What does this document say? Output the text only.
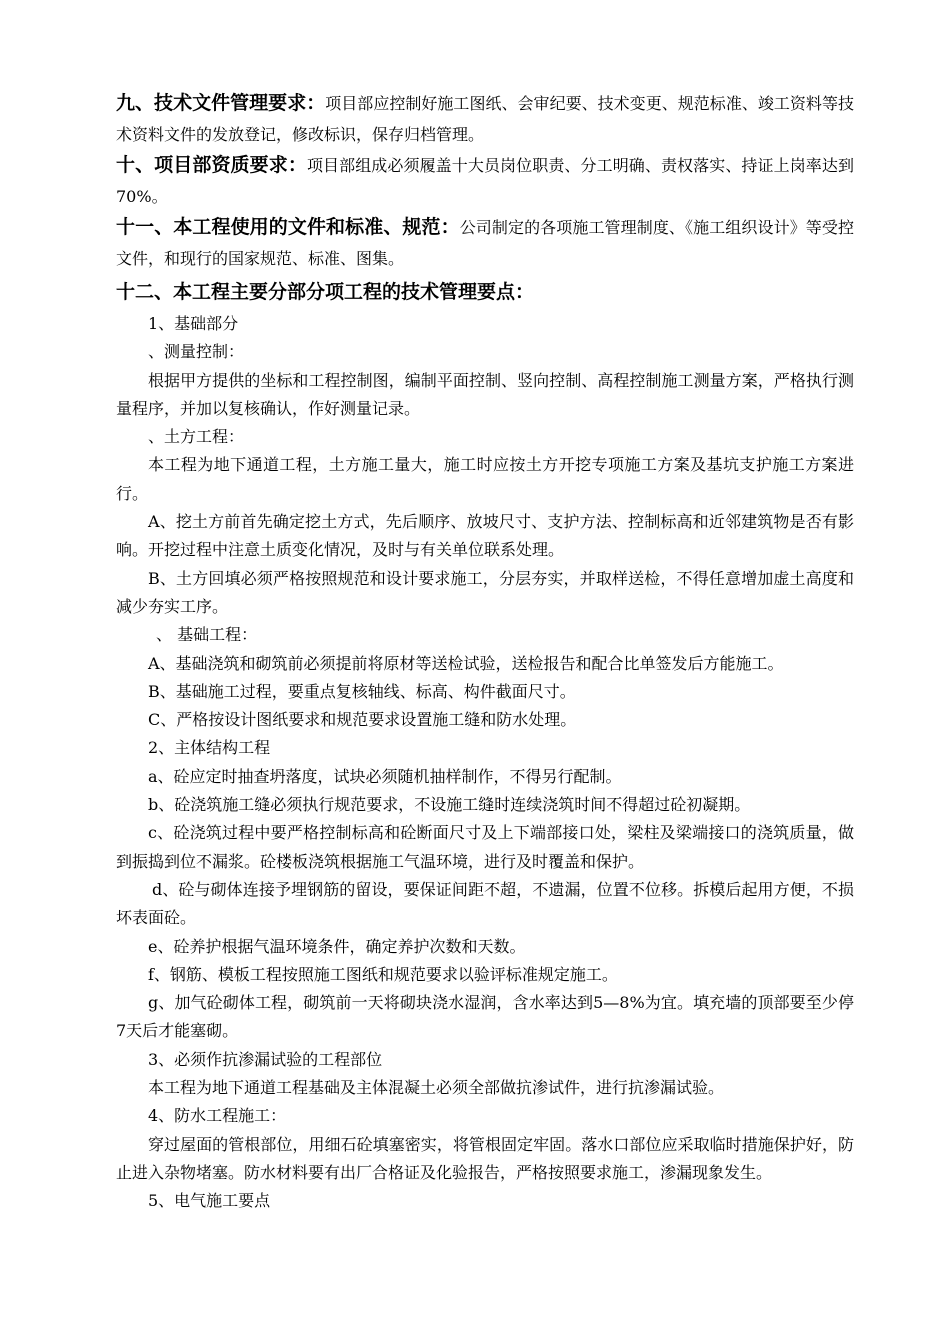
九、技术文件管理要求：项目部应控制好施工图纸、会审纪要、技术变更、规范标准、竣工资料等技术资料文件的发放登记，修改标识，保存归档管理。

十、项目部资质要求：项目部组成必须履盖十大员岗位职责、分工明确、责权落实、持证上岗率达到70%。

十一、本工程使用的文件和标准、规范：公司制定的各项施工管理制度、《施工组织设计》等受控文件，和现行的国家规范、标准、图集。

十二、本工程主要分部分项工程的技术管理要点：

1、基础部分

、测量控制：

根据甲方提供的坐标和工程控制图，编制平面控制、竖向控制、高程控制施工测量方案，严格执行测量程序，并加以复核确认，作好测量记录。

、土方工程：

本工程为地下通道工程，土方施工量大，施工时应按土方开挖专项施工方案及基坑支护施工方案进行。

A、挖土方前首先确定挖土方式，先后顺序、放坡尺寸、支护方法、控制标高和近邻建筑物是否有影响。开挖过程中注意土质变化情况，及时与有关单位联系处理。

B、土方回填必须严格按照规范和设计要求施工，分层夯实，并取样送检，不得任意增加虚土高度和减少夯实工序。

、 基础工程：

A、基础浇筑和砌筑前必须提前将原材等送检试验，送检报告和配合比单签发后方能施工。

B、基础施工过程，要重点复核轴线、标高、构件截面尺寸。

C、严格按设计图纸要求和规范要求设置施工缝和防水处理。

2、主体结构工程

a、砼应定时抽查坍落度，试块必须随机抽样制作，不得另行配制。

b、砼浇筑施工缝必须执行规范要求，不设施工缝时连续浇筑时间不得超过砼初凝期。

c、砼浇筑过程中要严格控制标高和砼断面尺寸及上下端部接口处，梁柱及梁端接口的浇筑质量，做到振捣到位不漏浆。砼楼板浇筑根据施工气温环境，进行及时覆盖和保护。

d、砼与砌体连接予埋钢筋的留设，要保证间距不超，不遗漏，位置不位移。拆模后起用方便，不损坏表面砼。

e、砼养护根据气温环境条件，确定养护次数和天数。

f、钢筋、模板工程按照施工图纸和规范要求以验评标准规定施工。

g、加气砼砌体工程，砌筑前一天将砌块浇水湿润，含水率达到5—8%为宜。填充墙的顶部要至少停7天后才能塞砌。

3、必须作抗渗漏试验的工程部位

本工程为地下通道工程基础及主体混凝土必须全部做抗渗试件，进行抗渗漏试验。

4、防水工程施工：

穿过屋面的管根部位，用细石砼填塞密实，将管根固定牢固。落水口部位应采取临时措施保护好，防止进入杂物堵塞。防水材料要有出厂合格证及化验报告，严格按照要求施工，渗漏现象发生。

5、电气施工要点
